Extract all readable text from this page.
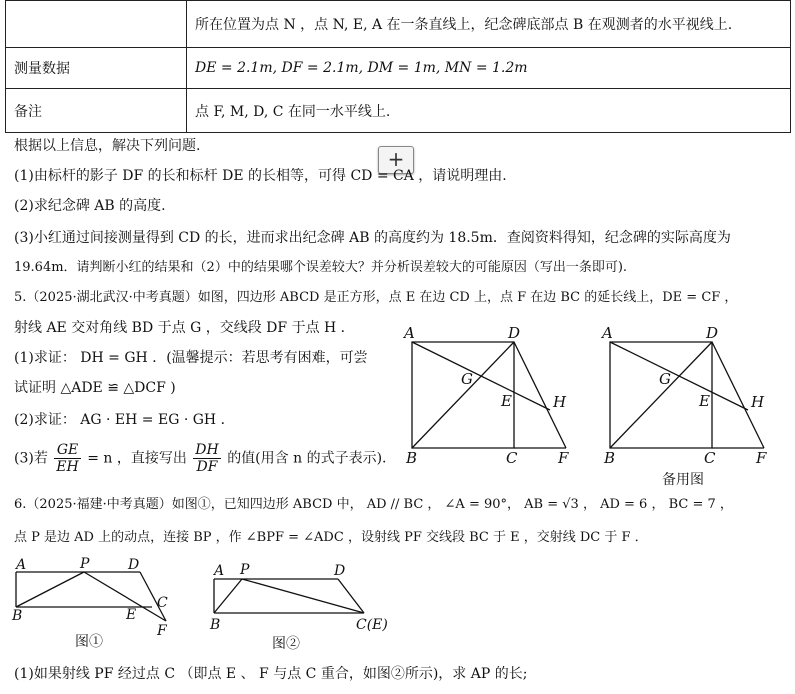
	所在位置为点 N ，点 N, E, A 在一条直线上，纪念碑底部点 B 在观测者的水平视线上.
测量数据	DE = 2.1m, DF = 2.1m, DM = 1m, MN = 1.2m
备注	点 F, M, D, C 在同一水平线上.
+
根据以上信息，解决下列问题.
(1)由标杆的影子 DF 的长和标杆 DE 的长相等，可得 CD = CA ，请说明理由.
(2)求纪念碑 AB 的高度.
(3)小红通过间接测量得到 CD 的长，进而求出纪念碑 AB 的高度约为 18.5m．查阅资料得知，纪念碑的实际高度为
19.64m．请判断小红的结果和（2）中的结果哪个误差较大？并分析误差较大的可能原因（写出一条即可).
5.（2025·湖北武汉·中考真题）如图，四边形 ABCD 是正方形，点 E 在边 CD 上，点 F 在边 BC 的延长线上，DE = CF ，
射线 AE 交对角线 BD 于点 G ，交线段 DF 于点 H ．
(1)求证： DH = GH ．(温馨提示：若思考有困难，可尝
试证明 △ADE ≌ △DCF )
(2)求证： AG · EH = EG · GH ．
(3)若 $\frac{GE}{EH} = n$ ，直接写出 $\frac{DH}{DF}$ 的值(用含 n 的式子表示).
A	D
G
E	H
B	C	F
A	D
G
E	H
B	C	F
备用图
6.（2025·福建·中考真题）如图①，已知四边形 ABCD 中， AD // BC ， ∠A = 90°， AB = √3 ， AD = 6 ， BC = 7 ，
点 P 是边 AD 上的动点，连接 BP ，作 ∠BPF = ∠ADC ，设射线 PF 交线段 BC 于 E ，交射线 DC 于 F ．
A	P	D
B	E
C
F
图①
A P	D
B	C(E)
图②
(1)如果射线 PF 经过点 C （即点 E 、 F 与点 C 重合，如图②所示)，求 AP 的长;
